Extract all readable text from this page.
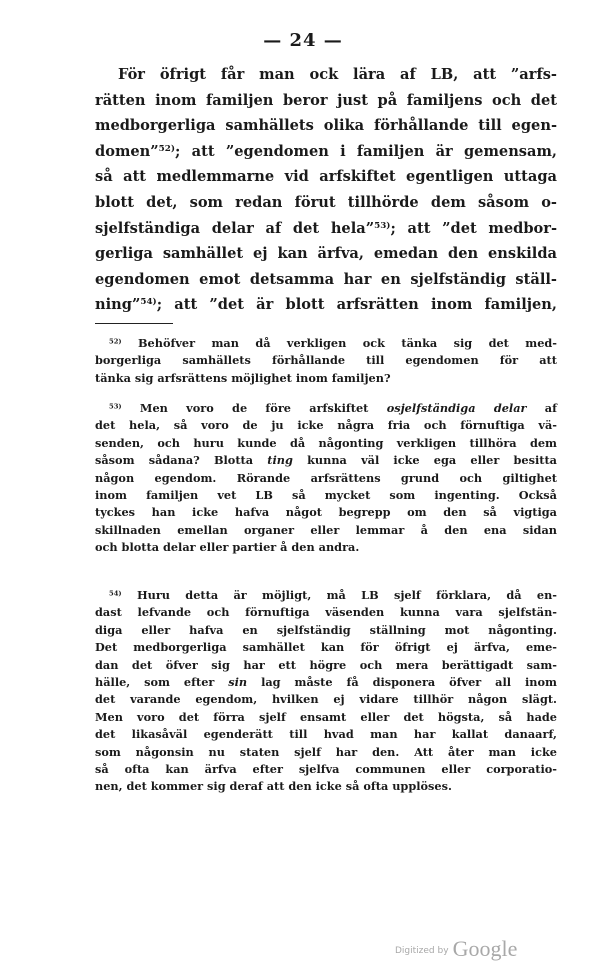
— 24 —
För öfrigt får man ock lära af LB, att ”arfs-
rätten inom familjen beror just på familjens och det
medborgerliga samhällets olika förhållande till egen-
domen”$^{52)}$; att ”egendomen i familjen är gemensam,
så att medlemmarne vid arfskiftet egentligen uttaga
blott det, som redan förut tillhörde dem såsom o-
sjelfständiga delar af det hela”$^{53)}$; att ”det medbor-
gerliga samhället ej kan ärfva, emedan den enskilda
egendomen emot detsamma har en sjelfständig ställ-
ning”$^{54)}$; att ”det är blott arfsrätten inom familjen,
$^{52)}$ Behöfver man då verkligen ock tänka sig det med-
borgerliga samhällets förhållande till egendomen för att
tänka sig arfsrättens möjlighet inom familjen?
$^{53)}$ Men voro de före arfskiftet osjelfständiga delar af
det hela, så voro de ju icke några fria och förnuftiga vä-
senden, och huru kunde då någonting verkligen tillhöra dem
såsom sådana? Blotta ting kunna väl icke ega eller besitta
någon egendom. Rörande arfsrättens grund och giltighet
inom familjen vet LB så mycket som ingenting. Också
tyckes han icke hafva något begrepp om den så vigtiga
skillnaden emellan organer eller lemmar å den ena sidan
och blotta delar eller partier å den andra.
$^{54)}$ Huru detta är möjligt, må LB sjelf förklara, då en-
dast lefvande och förnuftiga väsenden kunna vara sjelfstän-
diga eller hafva en sjelfständig ställning mot någonting.
Det medborgerliga samhället kan för öfrigt ej ärfva, eme-
dan det öfver sig har ett högre och mera berättigadt sam-
hälle, som efter sin lag måste få disponera öfver all inom
det varande egendom, hvilken ej vidare tillhör någon slägt.
Men voro det förra sjelf ensamt eller det högsta, så hade
det likasåväl egenderätt till hvad man har kallat danaarf,
som någonsin nu staten sjelf har den. Att åter man icke
så ofta kan ärfva efter sjelfva communen eller corporatio-
nen, det kommer sig deraf att den icke så ofta upplöses.
Digitized by Google
